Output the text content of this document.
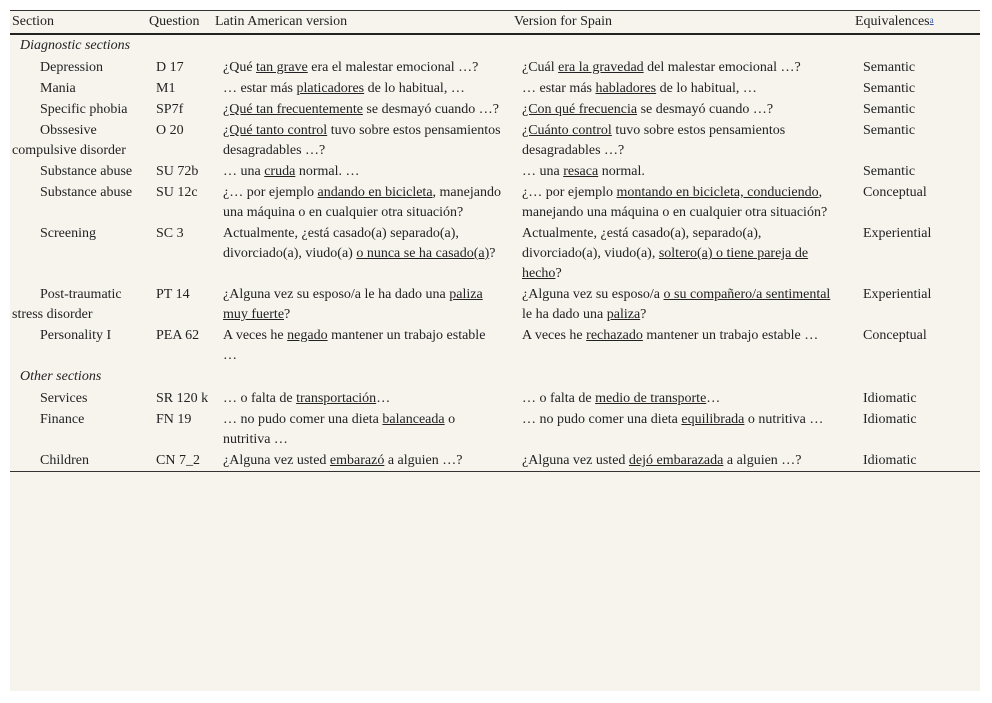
Section	Question	Latin American version	Version for Spain	Equivalences$^a$
Diagnostic sections				
Depression	D 17	¿Qué tan grave era el malestar emocional …?	¿Cuál era la gravedad del malestar emocional …?	Semantic
Mania	M1	… estar más platicadores de lo habitual, …	… estar más habladores de lo habitual, …	Semantic
Specific phobia	SP7f	¿Qué tan frecuentemente se desmayó cuando …?	¿Con qué frecuencia se desmayó cuando …?	Semantic
Obssesive compulsive disorder	O 20	¿Qué tanto control tuvo sobre estos pensamientos desagradables …?	¿Cuánto control tuvo sobre estos pensamientos desagradables …?	Semantic
Substance abuse	SU 72b	… una cruda normal. …	… una resaca normal.	Semantic
Substance abuse	SU 12c	¿… por ejemplo andando en bicicleta, manejando una máquina o en cualquier otra situación?	¿… por ejemplo montando en bicicleta, conduciendo, manejando una máquina o en cualquier otra situación?	Conceptual
Screening	SC 3	Actualmente, ¿está casado(a) separado(a), divorciado(a), viudo(a) o nunca se ha casado(a)?	Actualmente, ¿está casado(a), separado(a), divorciado(a), viudo(a), soltero(a) o tiene pareja de hecho?	Experiential
Post-traumatic stress disorder	PT 14	¿Alguna vez su esposo/a le ha dado una paliza muy fuerte?	¿Alguna vez su esposo/a o su compañero/a sentimental le ha dado una paliza?	Experiential
Personality I	PEA 62	A veces he negado mantener un trabajo estable …	A veces he rechazado mantener un trabajo estable …	Conceptual
Other sections				
Services	SR 120 k	… o falta de transportación…	… o falta de medio de transporte…	Idiomatic
Finance	FN 19	… no pudo comer una dieta balanceada o nutritiva …	… no pudo comer una dieta equilibrada o nutritiva …	Idiomatic
Children	CN 7_2	¿Alguna vez usted embarazó a alguien …?	¿Alguna vez usted dejó embarazada a alguien …?	Idiomatic
